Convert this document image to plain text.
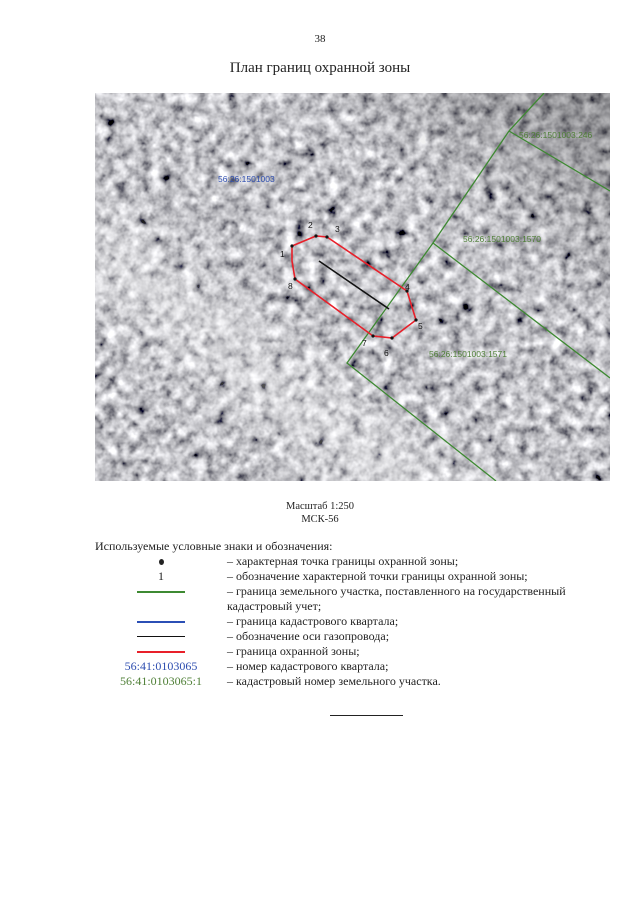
38
План границ охранной зоны
1
2	3
4
5
6
7
8
56:26:1501003
56:26:1501003:246
56:26:1501003:1570
56:26:1501003:1571
Масштаб 1:250
МСК-56
Используемые условные знаки и обозначения:
– характерная точка границы охранной зоны;
1	– обозначение характерной точки границы охранной зоны;
– граница земельного участка, поставленного на государственный кадастровый учет;
– граница кадастрового квартала;
– обозначение оси газопровода;
– граница охранной зоны;
56:41:0103065 – номер кадастрового квартала;
56:41:0103065:1 – кадастровый номер земельного участка.
